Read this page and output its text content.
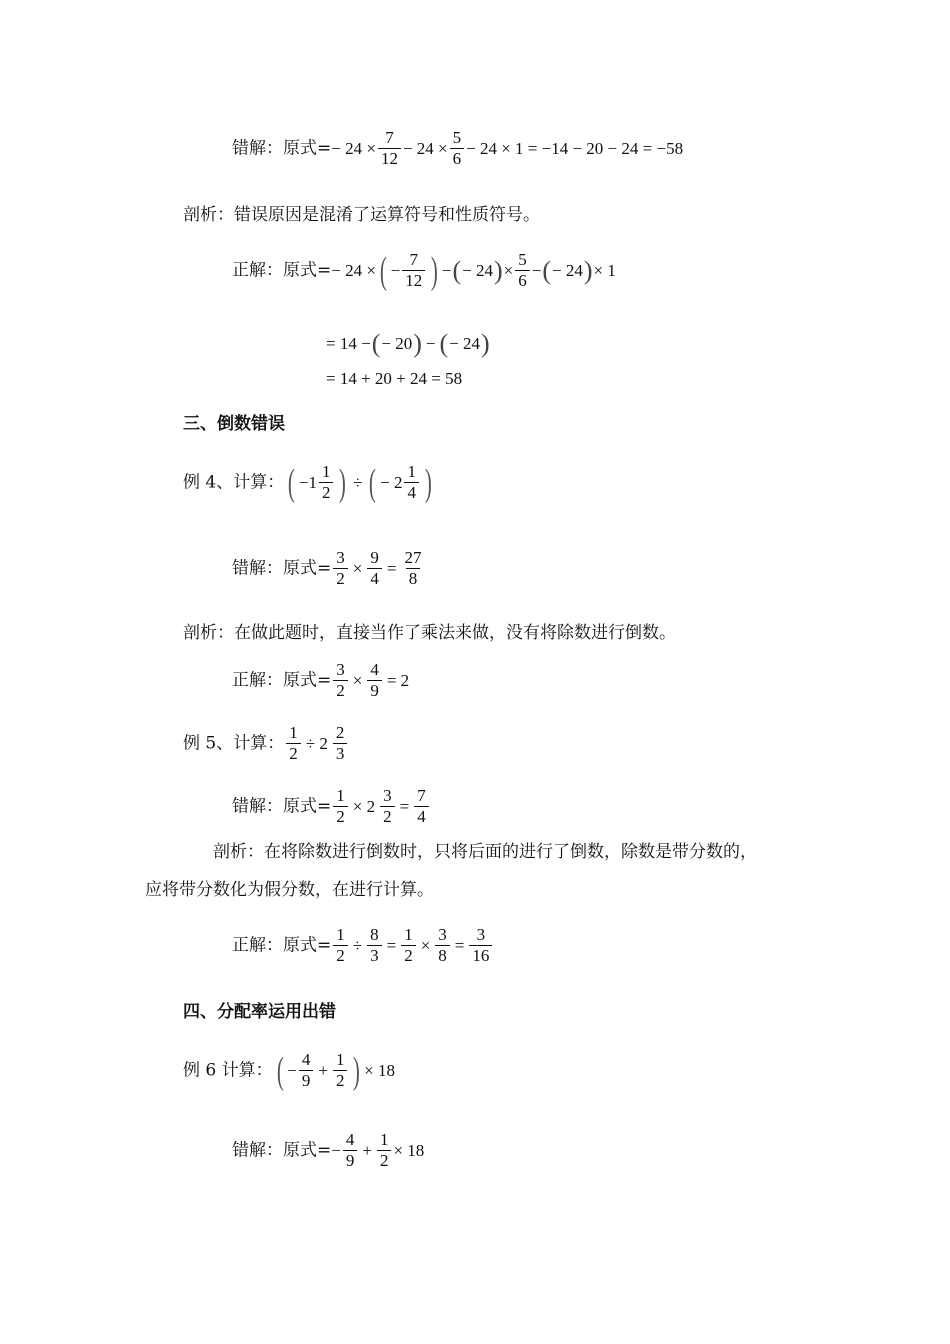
错解：原式= − $24 \times \frac{7}{12} - 24 \times \frac{5}{6} - 24 \times 1 = -14 - 20 - 24 = -58$
剖析：错误原因是混淆了运算符号和性质符号。
正解：原式= − 24 × ( − $\frac{7}{12}$ ) − ( − 24 ) × $\frac{5}{6}$ − ( − 24 ) × 1
= 14 − ( − 20 ) − ( − 24 )
= 14 + 20 + 24 = 58
三、倒数错误
例 4、计算： ( $-1 \frac{1}{2}$ ) ÷ ( − $2 \frac{1}{4}$ )
错解：原式= $\frac{3}{2} \times \frac{9}{4} = \frac{27}{8}$
剖析：在做此题时，直接当作了乘法来做，没有将除数进行倒数。
正解：原式= $\frac{3}{2} \times \frac{4}{9} = 2$
例 5、计算： $\frac{1}{2} \div 2 \frac{2}{3}$
错解：原式= $\frac{1}{2} \times 2 \frac{3}{2} = \frac{7}{4}$
剖析：在将除数进行倒数时，只将后面的进行了倒数，除数是带分数的，
应将带分数化为假分数，在进行计算。
正解：原式= $\frac{1}{2} \div \frac{8}{3} = \frac{1}{2} \times \frac{3}{8} = \frac{3}{16}$
四、分配率运用出错
例 6 计算： ( − $\frac{4}{9} + \frac{1}{2}$ ) × 18
错解：原式= − $\frac{4}{9} + \frac{1}{2} \times 18$
